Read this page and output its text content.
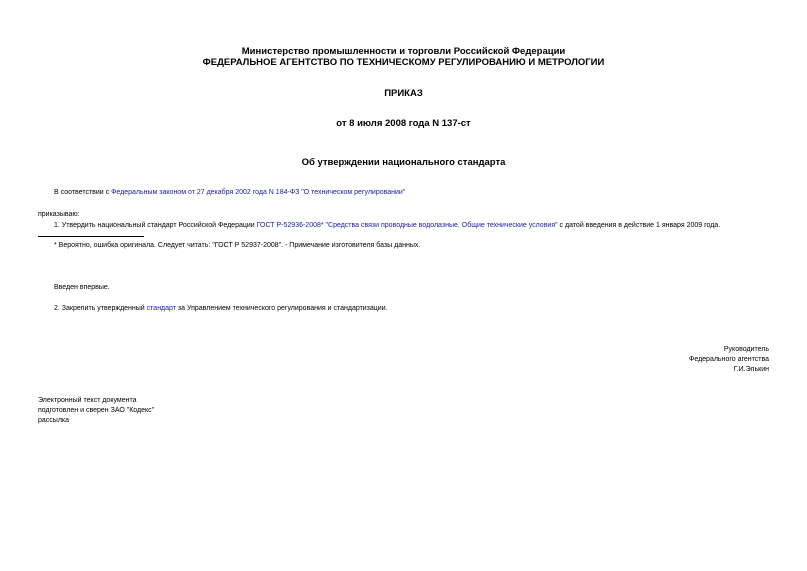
Министерство промышленности и торговли Российской Федерации
ФЕДЕРАЛЬНОЕ АГЕНТСТВО ПО ТЕХНИЧЕСКОМУ РЕГУЛИРОВАНИЮ И МЕТРОЛОГИИ
ПРИКАЗ
от 8 июля 2008 года N 137-ст
Об утверждении национального стандарта
В соответствии с Федеральным законом от 27 декабря 2002 года N 184-ФЗ "О техническом регулировании"
приказываю:
1. Утвердить национальный стандарт Российской Федерации ГОСТ Р-52936-2008* "Средства связи проводные водолазные. Общие технические условия" с датой введения в действие 1 января 2009 года.
* Вероятно, ошибка оригинала. Следует читать: "ГОСТ Р 52937-2008". - Примечание изготовителя базы данных.
Введен впервые.
2. Закрепить утвержденный стандарт за Управлением технического регулирования и стандартизации.
Руководитель
Федерального агентства
Г.И.Элькин
Электронный текст документа
подготовлен и сверен ЗАО "Кодекс"
рассылка
